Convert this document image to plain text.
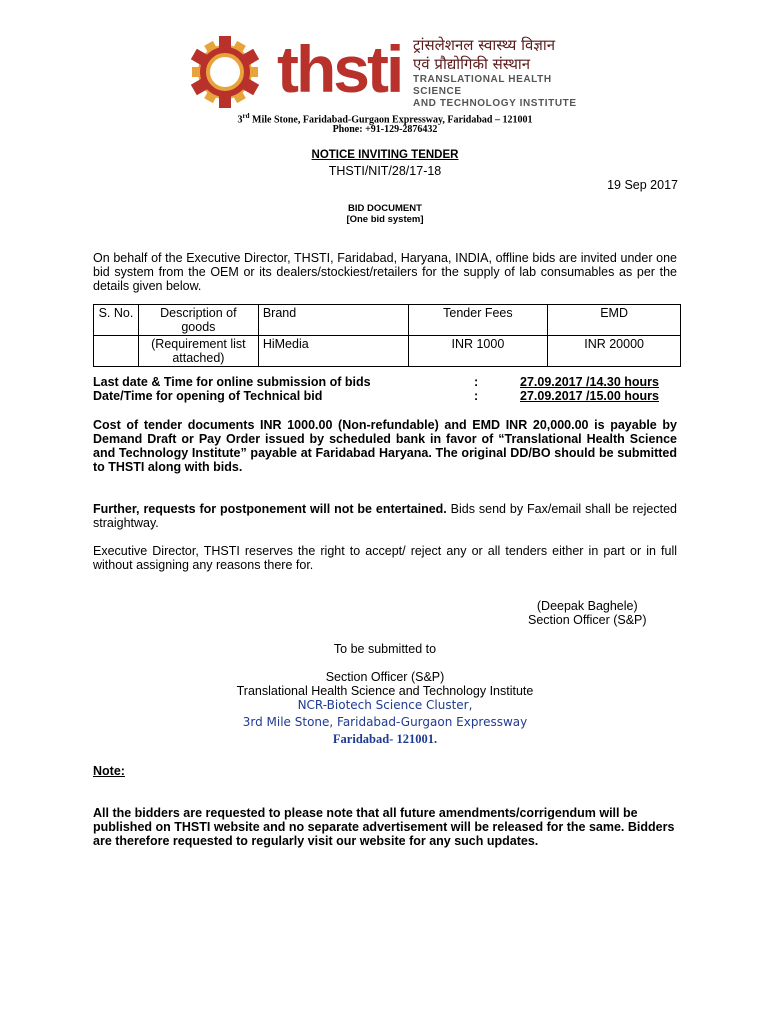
thsti ट्रांसलेशनल स्वास्थ्य विज्ञान
एवं प्रौद्योगिकी संस्थान
TRANSLATIONAL HEALTH SCIENCE
AND TECHNOLOGY INSTITUTE
3rd Mile Stone, Faridabad-Gurgaon Expressway, Faridabad – 121001
Phone: +91-129-2876432
NOTICE INVITING TENDER
THSTI/NIT/28/17-18
19 Sep 2017
BID DOCUMENT
[One bid system]
On behalf of the Executive Director, THSTI, Faridabad, Haryana, INDIA, offline bids are invited under one bid system from the OEM or its dealers/stockiest/retailers for the supply of lab consumables as per the details given below.
S. No.	Description of goods	Brand	Tender Fees	EMD
	(Requirement list attached)	HiMedia	INR 1000	INR 20000
Last date & Time for online submission of bids	:	27.09.2017 /14.30 hours
Date/Time for opening of Technical bid	:	27.09.2017 /15.00 hours
Cost of tender documents INR 1000.00 (Non-refundable) and EMD INR 20,000.00 is payable by Demand Draft or Pay Order issued by scheduled bank in favor of “Translational Health Science and Technology Institute” payable at Faridabad Haryana. The original DD/BO should be submitted to THSTI along with bids.
Further, requests for postponement will not be entertained. Bids send by Fax/email shall be rejected straightway.
Executive Director, THSTI reserves the right to accept/ reject any or all tenders either in part or in full without assigning any reasons there for.
(Deepak Baghele)
Section Officer (S&P)
To be submitted to
Section Officer (S&P)
Translational Health Science and Technology Institute
NCR-Biotech Science Cluster,
3rd Mile Stone, Faridabad-Gurgaon Expressway
Faridabad- 121001.
Note:
All the bidders are requested to please note that all future amendments/corrigendum will be published on THSTI website and no separate advertisement will be released for the same. Bidders are therefore requested to regularly visit our website for any such updates.
